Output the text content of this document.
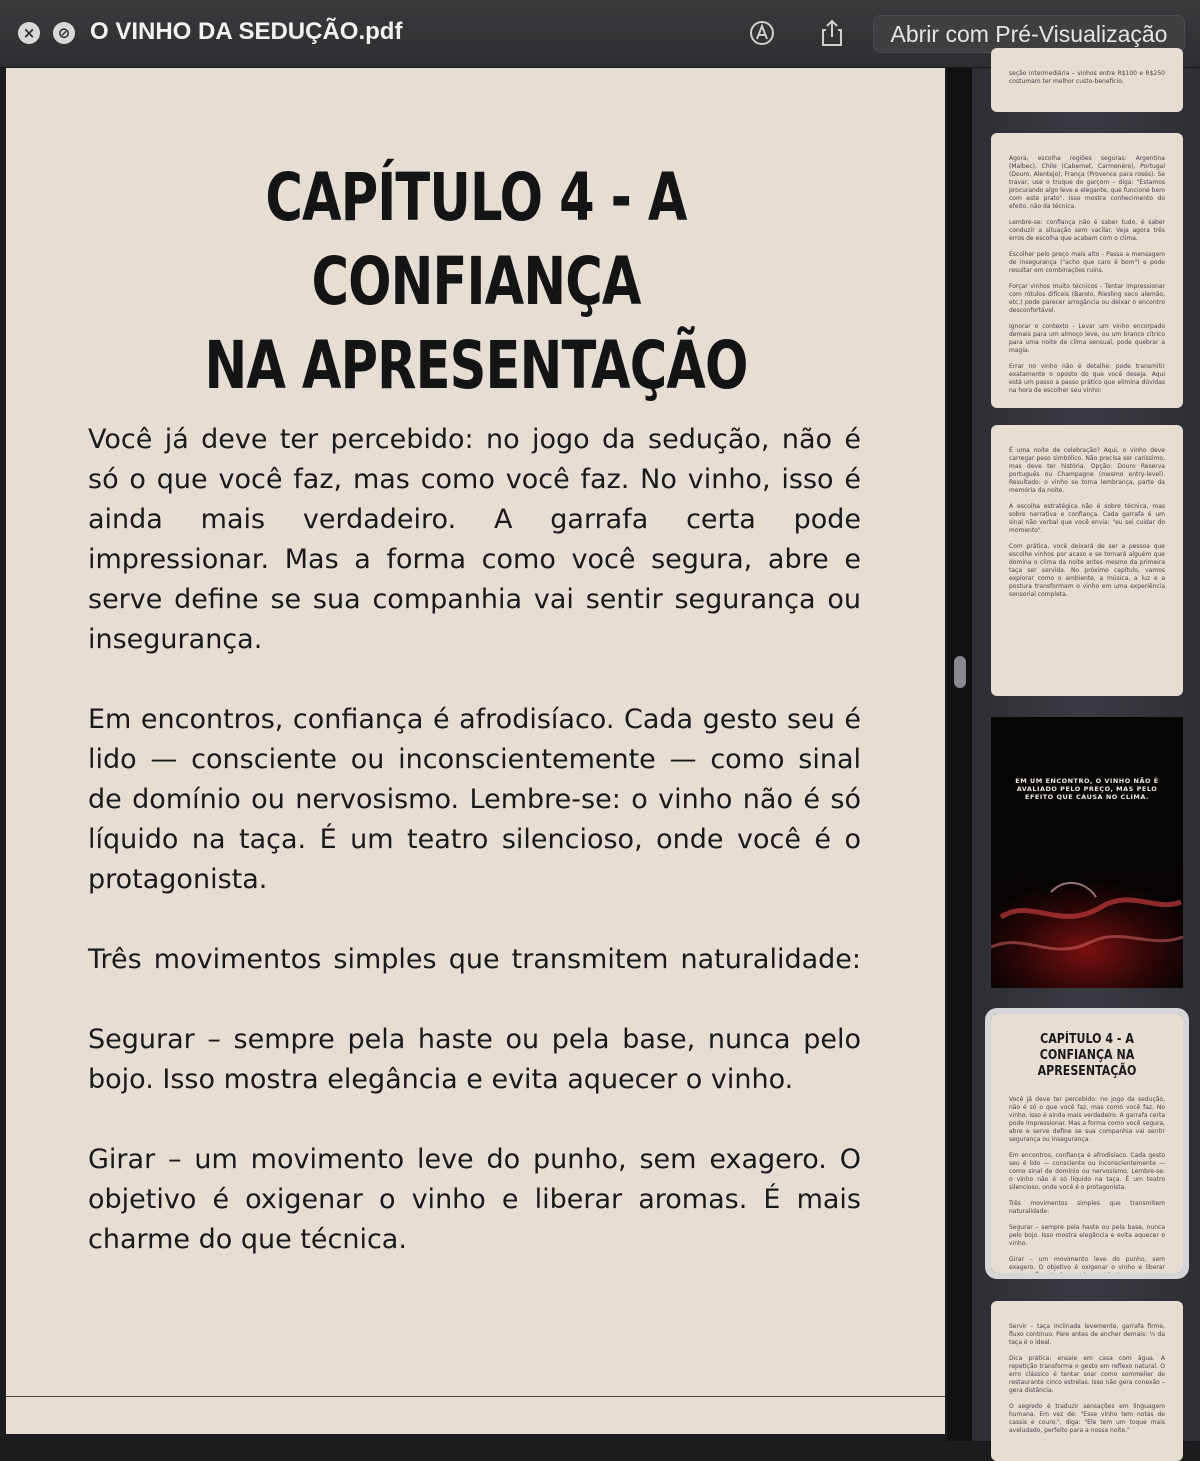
×	⊘ O VINHO DA SEDUÇÃO.pdf	Abrir com Pré-Visualização
CAPÍTULO 4 - A CONFIANÇA
NA APRESENTAÇÃO

Você já deve ter percebido: no jogo da sedução, não é só o que você faz, mas como você faz. No vinho, isso é ainda mais verdadeiro. A garrafa certa pode impressionar. Mas a forma como você segura, abre e serve define se sua companhia vai sentir segurança ou insegurança.

Em encontros, confiança é afrodisíaco. Cada gesto seu é lido — consciente ou inconscientemente — como sinal de domínio ou nervosismo. Lembre-se: o vinho não é só líquido na taça. É um teatro silencioso, onde você é o protagonista.

Três movimentos simples que transmitem naturalidade:

Segurar – sempre pela haste ou pela base, nunca pelo bojo. Isso mostra elegância e evita aquecer o vinho.

Girar – um movimento leve do punho, sem exagero. O objetivo é oxigenar o vinho e liberar aromas. É mais charme do que técnica.

seção intermediária – vinhos entre R$100 e R$250 costumam ter melhor custo-benefício.

Agora, escolha regiões seguras: Argentina (Malbec), Chile (Cabernet, Carmenère), Portugal (Douro, Alentejo), França (Provence para rosés). Se travar, use o truque do garçom – diga: "Estamos procurando algo leve e elegante, que funcione bem com este prato". Isso mostra conhecimento do efeito, não da técnica.

Lembre-se: confiança não é saber tudo, é saber conduzir a situação sem vacilar. Veja agora três erros de escolha que acabam com o clima.

Escolher pelo preço mais alto - Passa a mensagem de insegurança ("acho que caro é bom") e pode resultar em combinações ruins.

Forçar vinhos muito técnicos - Tentar impressionar com rótulos difíceis (Barolo, Riesling seco alemão, etc.) pode parecer arrogância ou deixar o encontro desconfortável.

Ignorar o contexto - Levar um vinho encorpado demais para um almoço leve, ou um branco cítrico para uma noite de clima sensual, pode quebrar a magia.

Errar no vinho não é detalhe: pode transmitir exatamente o oposto do que você deseja. Aqui está um passo a passo prático que elimina dúvidas na hora de escolher seu vinho:

É uma noite de celebração? Aqui, o vinho deve carregar peso simbólico. Não precisa ser caríssimo, mas deve ter história. Opção: Douro Reserva português ou Champagne (mesmo entry-level). Resultado: o vinho se torna lembrança, parte da memória da noite.

A escolha estratégica não é sobre técnica, mas sobre narrativa e confiança. Cada garrafa é um sinal não verbal que você envia: "eu sei cuidar do momento".

Com prática, você deixará de ser a pessoa que escolhe vinhos por acaso e se tornará alguém que domina o clima da noite antes mesmo da primeira taça ser servida. No próximo capítulo, vamos explorar como o ambiente, a música, a luz e a postura transformam o vinho em uma experiência sensorial completa.

EM UM ENCONTRO, O VINHO NÃO É AVALIADO PELO PREÇO, MAS PELO EFEITO QUE CAUSA NO CLIMA.
CAPÍTULO 4 - A CONFIANÇA NA APRESENTAÇÃO

Você já deve ter percebido: no jogo da sedução, não é só o que você faz, mas como você faz. No vinho, isso é ainda mais verdadeiro. A garrafa certa pode impressionar. Mas a forma como você segura, abre e serve define se sua companhia vai sentir segurança ou insegurança.

Em encontros, confiança é afrodisíaco. Cada gesto seu é lido — consciente ou inconscientemente — como sinal de domínio ou nervosismo. Lembre-se: o vinho não é só líquido na taça. É um teatro silencioso, onde você é o protagonista.

Três movimentos simples que transmitem naturalidade:

Segurar – sempre pela haste ou pela base, nunca pelo bojo. Isso mostra elegância e evita aquecer o vinho.

Girar – um movimento leve do punho, sem exagero. O objetivo é oxigenar o vinho e liberar aromas. É mais charme do que técnica.

Servir – taça inclinada levemente, garrafa firme, fluxo contínuo. Pare antes de encher demais: ⅓ da taça é o ideal.

Dica prática: ensaie em casa com água. A repetição transforma o gesto em reflexo natural. O erro clássico é tentar soar como sommelier de restaurante cinco estrelas. Isso não gera conexão – gera distância.

O segredo é traduzir sensações em linguagem humana. Em vez de: "Esse vinho tem notas de cassis e couro.", diga: "Ele tem um toque mais aveludado, perfeito para a nossa noite."
